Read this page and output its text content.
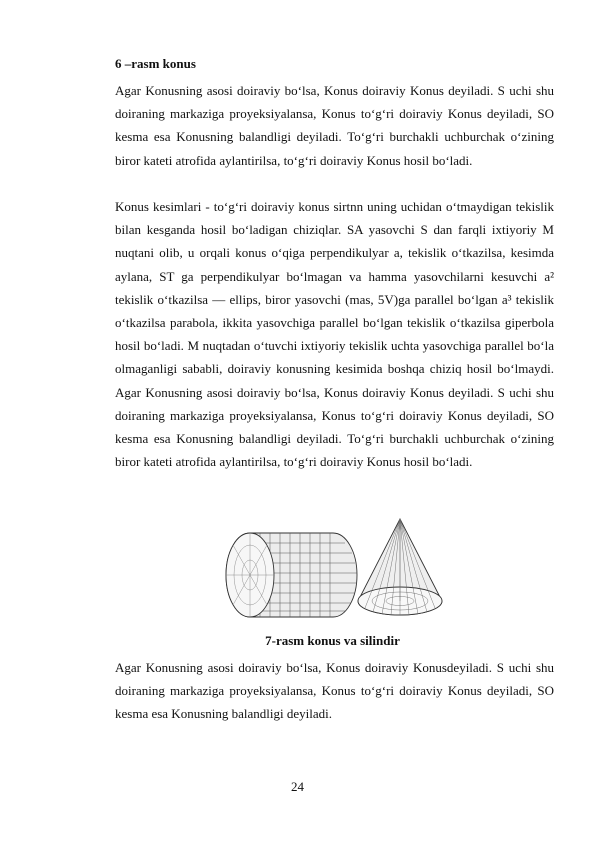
6 –rasm konus

Agar Konusning asosi doiraviy bo‘lsa, Konus doiraviy Konus deyiladi. S uchi shu doiraning markaziga proyeksiyalansa, Konus to‘g‘ri doiraviy Konus deyiladi, SO kesma esa Konusning balandligi deyiladi. To‘g‘ri burchakli uchburchak o‘zining biror kateti atrofida aylantirilsa, to‘g‘ri doiraviy Konus hosil bo‘ladi.

Konus kesimlari - to‘g‘ri doiraviy konus sirtnn uning uchidan o‘tmaydigan tekislik bilan kesganda hosil bo‘ladigan chiziqlar. SA yasovchi S dan farqli ixtiyoriy M nuqtani olib, u orqali konus o‘qiga perpendikulyar a, tekislik o‘tkazilsa, kesimda aylana, ST ga perpendikulyar bo‘lmagan va hamma yasovchilarni kesuvchi a² tekislik o‘tkazilsa — ellips, biror yasovchi (mas, 5V)ga parallel bo‘lgan a³ tekislik o‘tkazilsa parabola, ikkita yasovchiga parallel bo‘lgan tekislik o‘tkazilsa giperbola hosil bo‘ladi. M nuqtadan o‘tuvchi ixtiyoriy tekislik uchta yasovchiga parallel bo‘la olmaganligi sababli, doiraviy konusning kesimida boshqa chiziq hosil bo‘lmaydi. Agar Konusning asosi doiraviy bo‘lsa, Konus doiraviy Konus deyiladi. S uchi shu doiraning markaziga proyeksiyalansa, Konus to‘g‘ri doiraviy Konus deyiladi, SO kesma esa Konusning balandligi deyiladi. To‘g‘ri burchakli uchburchak o‘zining biror kateti atrofida aylantirilsa, to‘g‘ri doiraviy Konus hosil bo‘ladi.

7-rasm konus va silindir

Agar Konusning asosi doiraviy bo‘lsa, Konus doiraviy Konusdeyiladi. S uchi shu doiraning markaziga proyeksiyalansa, Konus to‘g‘ri doiraviy Konus deyiladi, SO kesma esa Konusning balandligi deyiladi.

24
